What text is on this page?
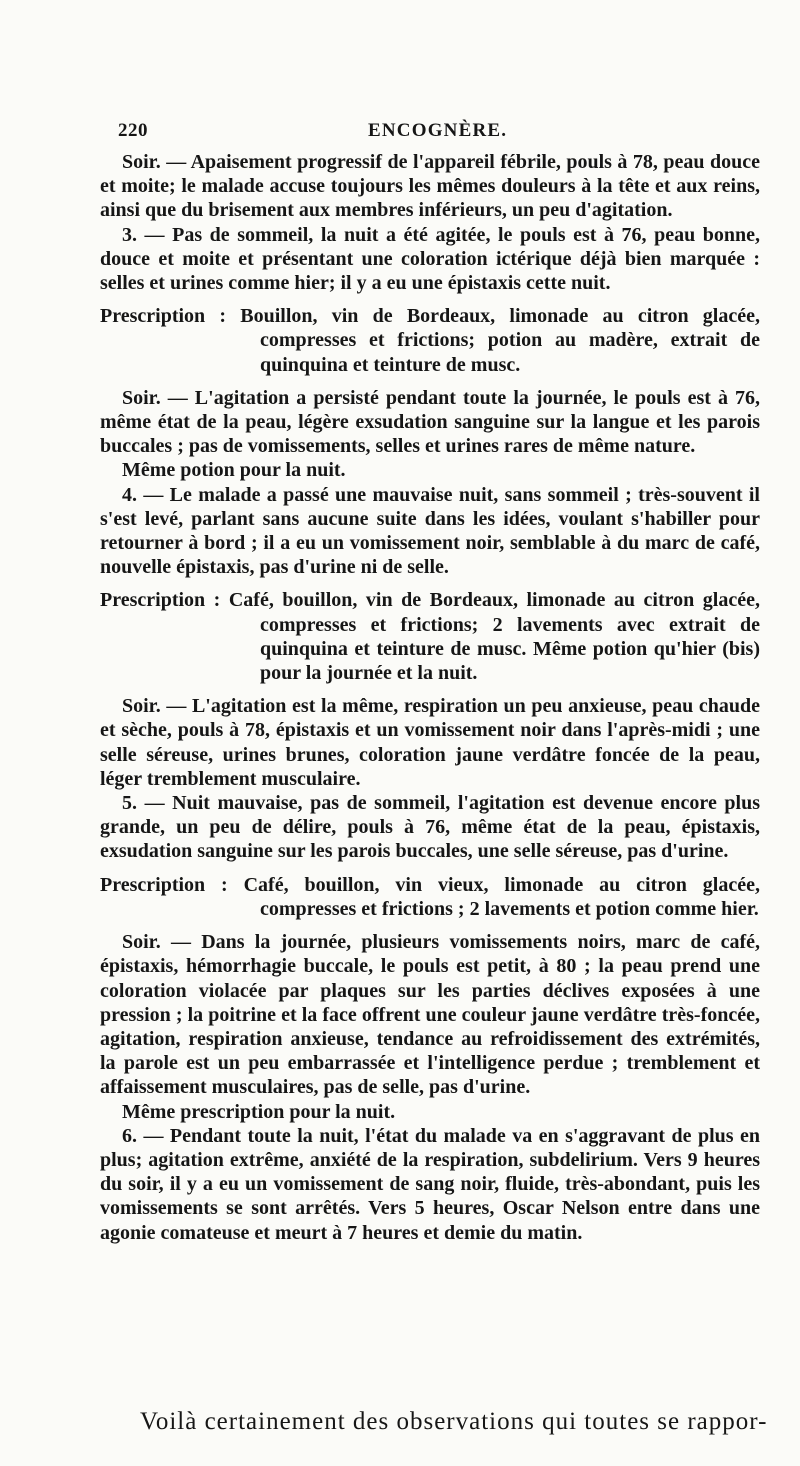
220	ENCOGNÈRE.

Soir. — Apaisement progressif de l'appareil fébrile, pouls à 78, peau douce et moite; le malade accuse toujours les mêmes douleurs à la tête et aux reins, ainsi que du brisement aux membres inférieurs, un peu d'agitation.

3. — Pas de sommeil, la nuit a été agitée, le pouls est à 76, peau bonne, douce et moite et présentant une coloration ictérique déjà bien marquée : selles et urines comme hier; il y a eu une épistaxis cette nuit.

Prescription : Bouillon, vin de Bordeaux, limonade au citron glacée, compresses et frictions; potion au madère, extrait de quinquina et teinture de musc.

Soir. — L'agitation a persisté pendant toute la journée, le pouls est à 76, même état de la peau, légère exsudation sanguine sur la langue et les parois buccales ; pas de vomissements, selles et urines rares de même nature.

Même potion pour la nuit.

4. — Le malade a passé une mauvaise nuit, sans sommeil ; très-souvent il s'est levé, parlant sans aucune suite dans les idées, voulant s'habiller pour retourner à bord ; il a eu un vomissement noir, semblable à du marc de café, nouvelle épistaxis, pas d'urine ni de selle.

Prescription : Café, bouillon, vin de Bordeaux, limonade au citron glacée, compresses et frictions; 2 lavements avec extrait de quinquina et teinture de musc. Même potion qu'hier (bis) pour la journée et la nuit.

Soir. — L'agitation est la même, respiration un peu anxieuse, peau chaude et sèche, pouls à 78, épistaxis et un vomissement noir dans l'après-midi ; une selle séreuse, urines brunes, coloration jaune verdâtre foncée de la peau, léger tremblement musculaire.

5. — Nuit mauvaise, pas de sommeil, l'agitation est devenue encore plus grande, un peu de délire, pouls à 76, même état de la peau, épistaxis, exsudation sanguine sur les parois buccales, une selle séreuse, pas d'urine.

Prescription : Café, bouillon, vin vieux, limonade au citron glacée, compresses et frictions ; 2 lavements et potion comme hier.

Soir. — Dans la journée, plusieurs vomissements noirs, marc de café, épistaxis, hémorrhagie buccale, le pouls est petit, à 80 ; la peau prend une coloration violacée par plaques sur les parties déclives exposées à une pression ; la poitrine et la face offrent une couleur jaune verdâtre très-foncée, agitation, respiration anxieuse, tendance au refroidissement des extrémités, la parole est un peu embarrassée et l'intelligence perdue ; tremblement et affaissement musculaires, pas de selle, pas d'urine.

Même prescription pour la nuit.

6. — Pendant toute la nuit, l'état du malade va en s'aggravant de plus en plus; agitation extrême, anxiété de la respiration, subdelirium. Vers 9 heures du soir, il y a eu un vomissement de sang noir, fluide, très-abondant, puis les vomissements se sont arrêtés. Vers 5 heures, Oscar Nelson entre dans une agonie comateuse et meurt à 7 heures et demie du matin.

Voilà certainement des observations qui toutes se rappor-
